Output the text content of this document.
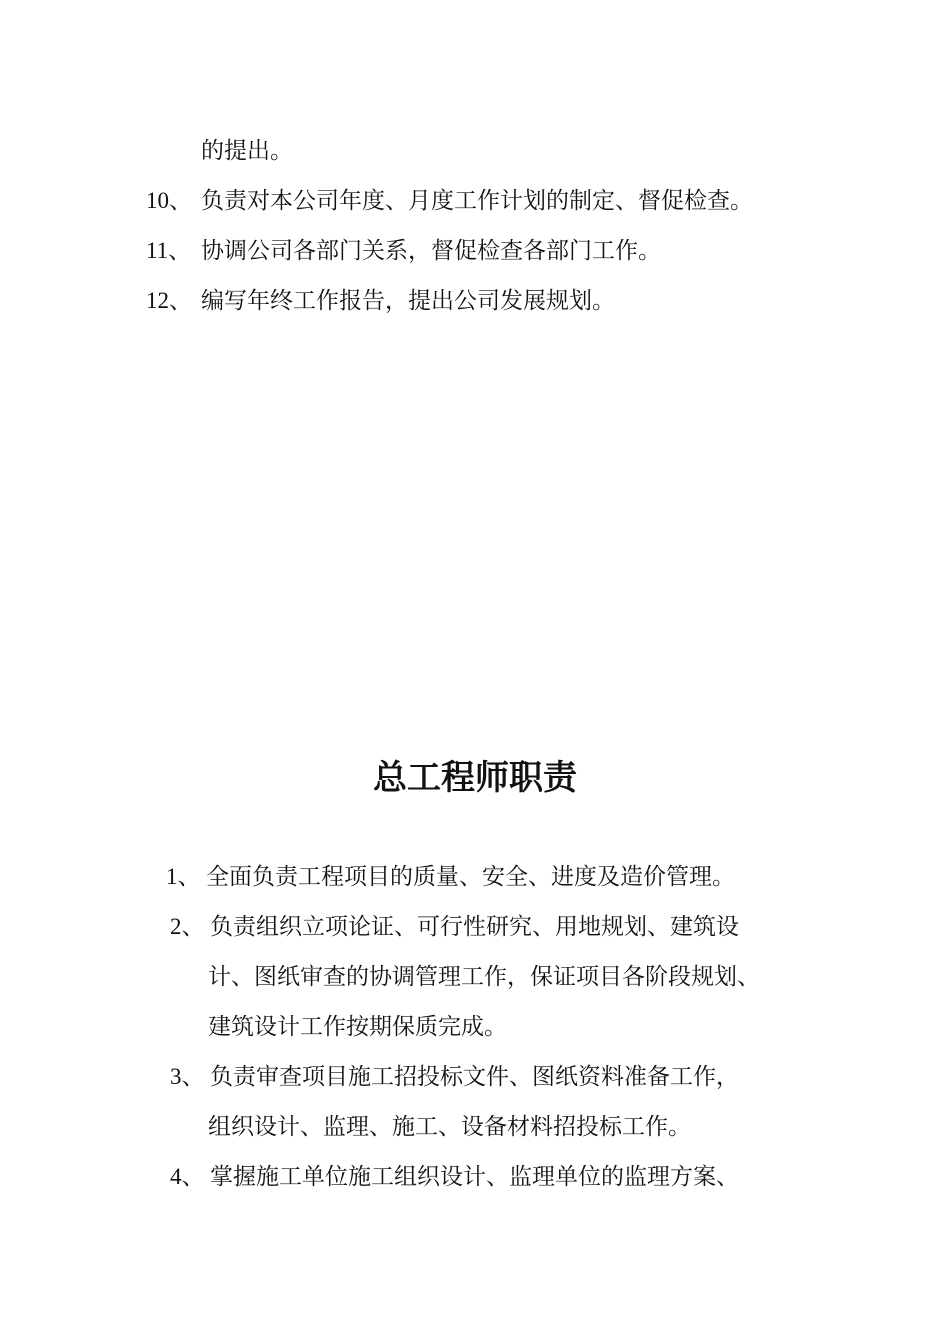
的提出。
10、 负责对本公司年度、月度工作计划的制定、督促检查。
11、 协调公司各部门关系，督促检查各部门工作。
12、 编写年终工作报告，提出公司发展规划。
总工程师职责
1、 全面负责工程项目的质量、安全、进度及造价管理。
2、 负责组织立项论证、可行性研究、用地规划、建筑设
计、图纸审查的协调管理工作，保证项目各阶段规划、
建筑设计工作按期保质完成。
3、 负责审查项目施工招投标文件、图纸资料准备工作，
组织设计、监理、施工、设备材料招投标工作。
4、 掌握施工单位施工组织设计、监理单位的监理方案、
